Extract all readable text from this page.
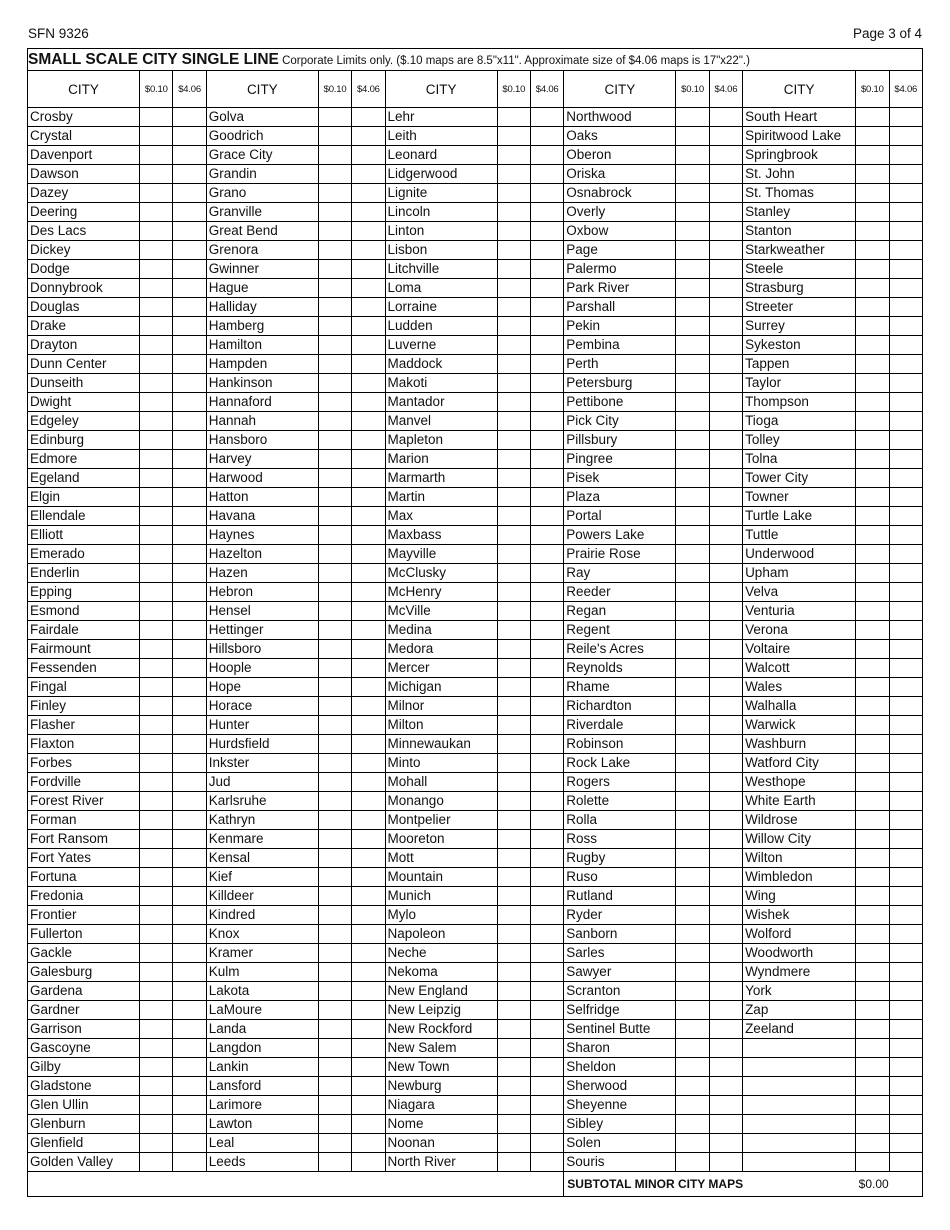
SFN 9326	Page 3 of 4
SMALL SCALE CITY SINGLE LINE Corporate Limits only. ($.10 maps are 8.5"x11". Approximate size of $4.06 maps is 17"x22".)														
CITY	$0.10	$4.06	CITY	$0.10	$4.06	CITY	$0.10	$4.06	CITY	$0.10	$4.06	CITY	$0.10	$4.06
Crosby			Golva			Lehr			Northwood			South Heart		
Crystal			Goodrich			Leith			Oaks			Spiritwood Lake		
Davenport			Grace City			Leonard			Oberon			Springbrook		
Dawson			Grandin			Lidgerwood			Oriska			St. John		
Dazey			Grano			Lignite			Osnabrock			St. Thomas		
Deering			Granville			Lincoln			Overly			Stanley		
Des Lacs			Great Bend			Linton			Oxbow			Stanton		
Dickey			Grenora			Lisbon			Page			Starkweather		
Dodge			Gwinner			Litchville			Palermo			Steele		
Donnybrook			Hague			Loma			Park River			Strasburg		
Douglas			Halliday			Lorraine			Parshall			Streeter		
Drake			Hamberg			Ludden			Pekin			Surrey		
Drayton			Hamilton			Luverne			Pembina			Sykeston		
Dunn Center			Hampden			Maddock			Perth			Tappen		
Dunseith			Hankinson			Makoti			Petersburg			Taylor		
Dwight			Hannaford			Mantador			Pettibone			Thompson		
Edgeley			Hannah			Manvel			Pick City			Tioga		
Edinburg			Hansboro			Mapleton			Pillsbury			Tolley		
Edmore			Harvey			Marion			Pingree			Tolna		
Egeland			Harwood			Marmarth			Pisek			Tower City		
Elgin			Hatton			Martin			Plaza			Towner		
Ellendale			Havana			Max			Portal			Turtle Lake		
Elliott			Haynes			Maxbass			Powers Lake			Tuttle		
Emerado			Hazelton			Mayville			Prairie Rose			Underwood		
Enderlin			Hazen			McClusky			Ray			Upham		
Epping			Hebron			McHenry			Reeder			Velva		
Esmond			Hensel			McVille			Regan			Venturia		
Fairdale			Hettinger			Medina			Regent			Verona		
Fairmount			Hillsboro			Medora			Reile's Acres			Voltaire		
Fessenden			Hoople			Mercer			Reynolds			Walcott		
Fingal			Hope			Michigan			Rhame			Wales		
Finley			Horace			Milnor			Richardton			Walhalla		
Flasher			Hunter			Milton			Riverdale			Warwick		
Flaxton			Hurdsfield			Minnewaukan			Robinson			Washburn		
Forbes			Inkster			Minto			Rock Lake			Watford City		
Fordville			Jud			Mohall			Rogers			Westhope		
Forest River			Karlsruhe			Monango			Rolette			White Earth		
Forman			Kathryn			Montpelier			Rolla			Wildrose		
Fort Ransom			Kenmare			Mooreton			Ross			Willow City		
Fort Yates			Kensal			Mott			Rugby			Wilton		
Fortuna			Kief			Mountain			Ruso			Wimbledon		
Fredonia			Killdeer			Munich			Rutland			Wing		
Frontier			Kindred			Mylo			Ryder			Wishek		
Fullerton			Knox			Napoleon			Sanborn			Wolford		
Gackle			Kramer			Neche			Sarles			Woodworth		
Galesburg			Kulm			Nekoma			Sawyer			Wyndmere		
Gardena			Lakota			New England			Scranton			York		
Gardner			LaMoure			New Leipzig			Selfridge			Zap		
Garrison			Landa			New Rockford			Sentinel Butte			Zeeland		
Gascoyne			Langdon			New Salem			Sharon					
Gilby			Lankin			New Town			Sheldon					
Gladstone			Lansford			Newburg			Sherwood					
Glen Ullin			Larimore			Niagara			Sheyenne					
Glenburn			Lawton			Nome			Sibley					
Glenfield			Leal			Noonan			Solen					
Golden Valley			Leeds			North River			Souris					
									SUBTOTAL MINOR CITY MAPS				$0.00	
